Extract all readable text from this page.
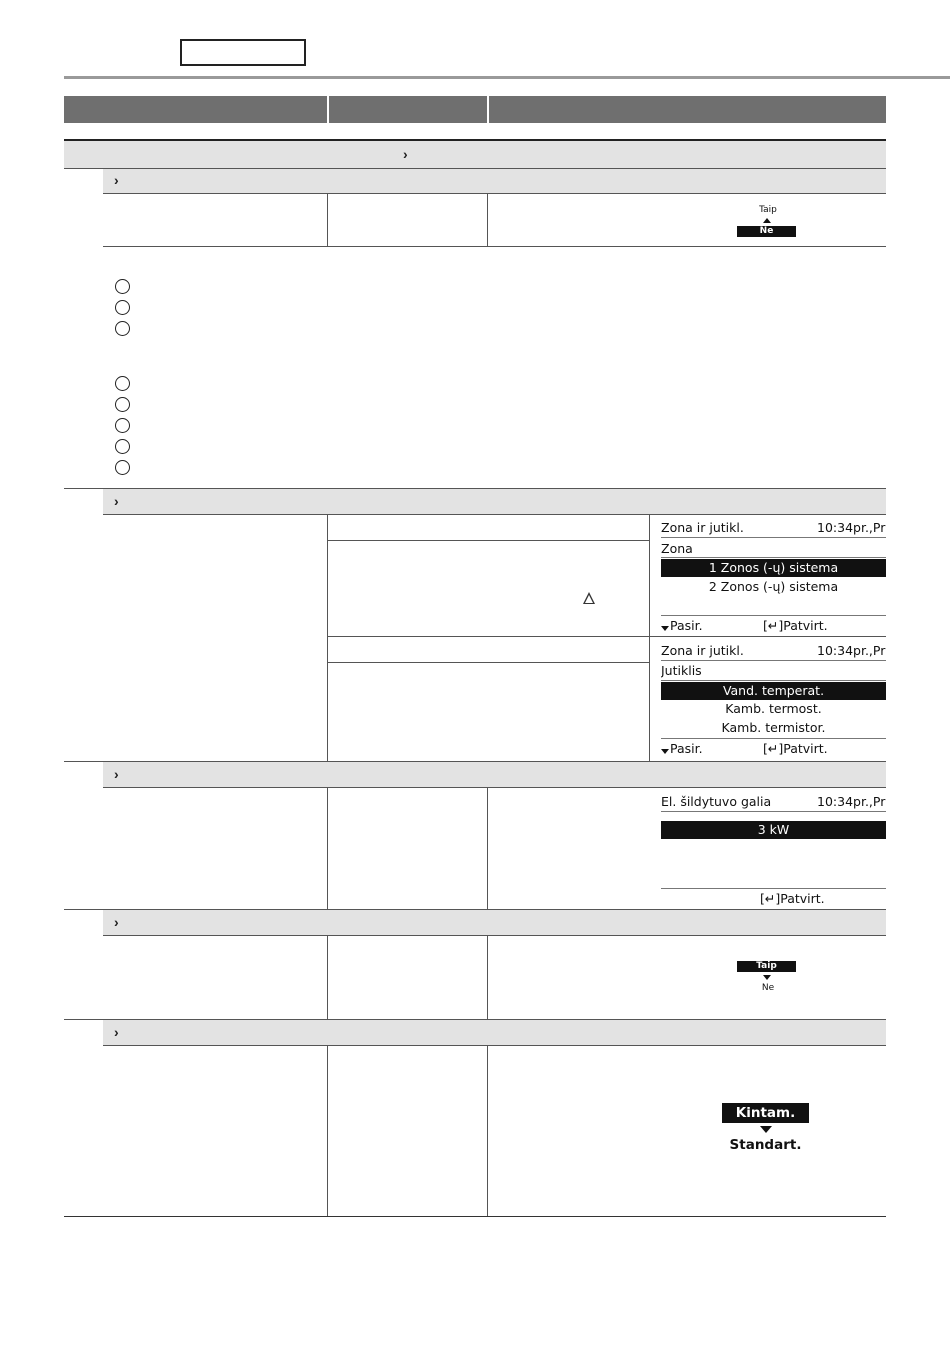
›
›
Taip
Ne
›
Zona ir jutikl.	10:34pr.,Pr
Zona
1 Zonos (-ų) sistema
2 Zonos (-ų) sistema
Pasir.	[↵]Patvirt.
Zona ir jutikl.	10:34pr.,Pr
Jutiklis
Vand. temperat.
Kamb. termost.
Kamb. termistor.
Pasir.	[↵]Patvirt.
›
El. šildytuvo galia	10:34pr.,Pr
3 kW
[↵]Patvirt.
›
Taip
Ne
›
Kintam.
Standart.
